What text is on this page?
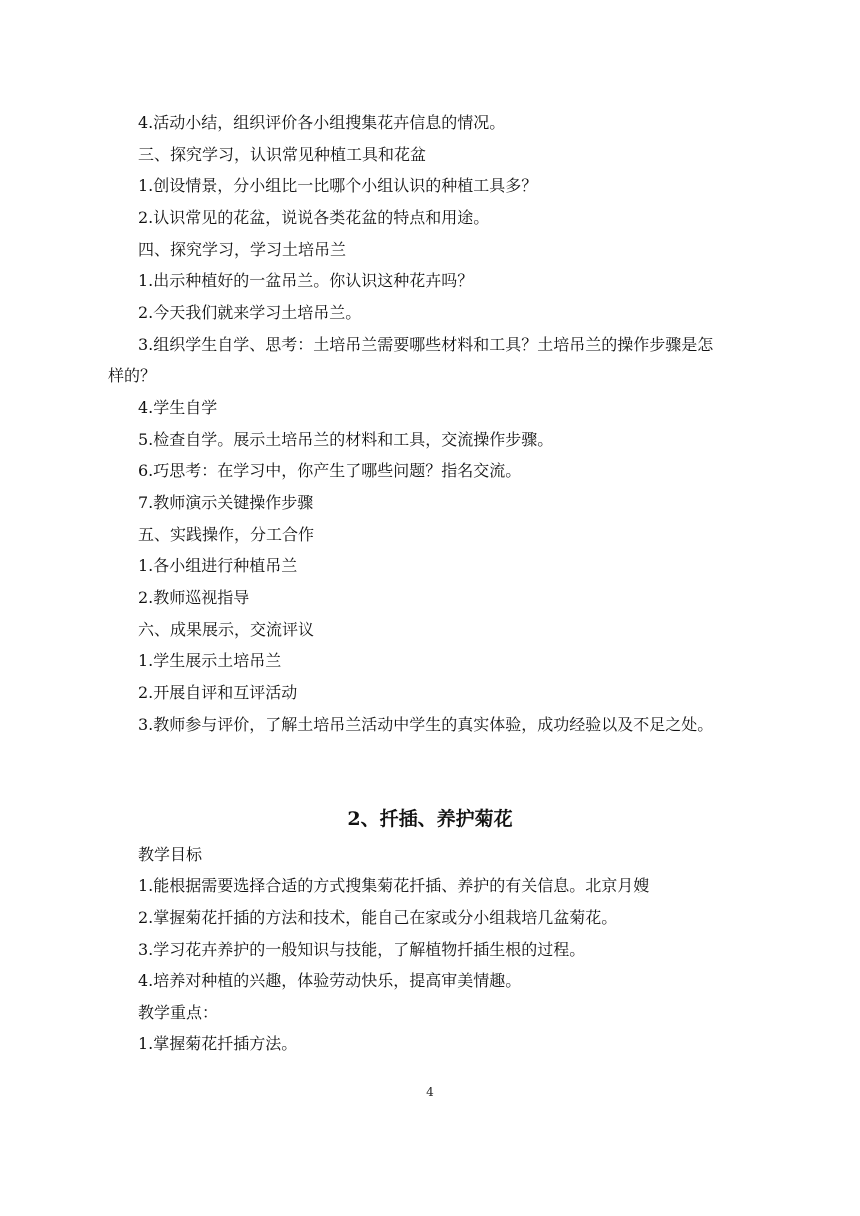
4.活动小结，组织评价各小组搜集花卉信息的情况。
三、探究学习，认识常见种植工具和花盆
1.创设情景，分小组比一比哪个小组认识的种植工具多？
2.认识常见的花盆，说说各类花盆的特点和用途。
四、探究学习，学习土培吊兰
1.出示种植好的一盆吊兰。你认识这种花卉吗？
2.今天我们就来学习土培吊兰。
3.组织学生自学、思考：土培吊兰需要哪些材料和工具？土培吊兰的操作步骤是怎
样的？
4.学生自学
5.检查自学。展示土培吊兰的材料和工具，交流操作步骤。
6.巧思考：在学习中，你产生了哪些问题？指名交流。
7.教师演示关键操作步骤
五、实践操作，分工合作
1.各小组进行种植吊兰
2.教师巡视指导
六、成果展示，交流评议
1.学生展示土培吊兰
2.开展自评和互评活动
3.教师参与评价，了解土培吊兰活动中学生的真实体验，成功经验以及不足之处。
2、扦插、养护菊花
教学目标
1.能根据需要选择合适的方式搜集菊花扦插、养护的有关信息。北京月嫂
2.掌握菊花扦插的方法和技术，能自己在家或分小组栽培几盆菊花。
3.学习花卉养护的一般知识与技能，了解植物扦插生根的过程。
4.培养对种植的兴趣，体验劳动快乐，提高审美情趣。
教学重点：
1.掌握菊花扦插方法。
4
